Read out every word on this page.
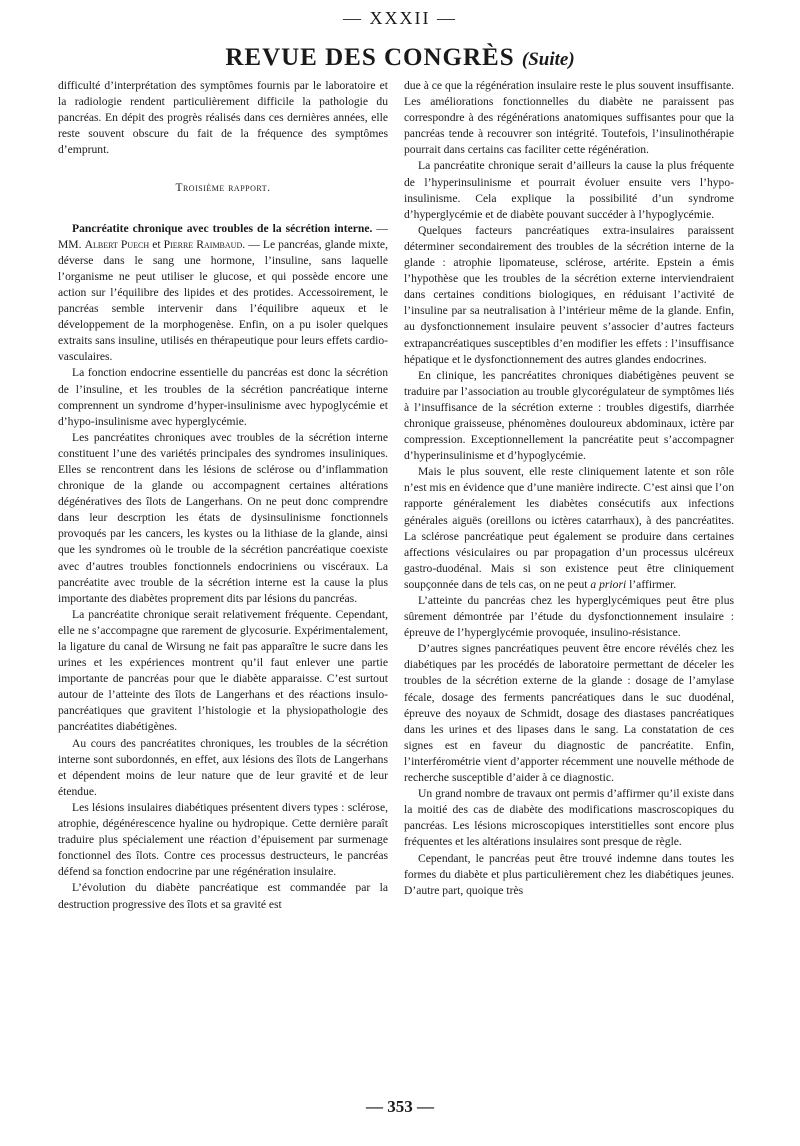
— XXXII —
REVUE DES CONGRÈS (Suite)

difficulté d’interprétation des symptômes fournis par le laboratoire et la radiologie rendent particulièrement difficile la pathologie du pancréas. En dépit des progrès réalisés dans ces dernières années, elle reste souvent obscure du fait de la fréquence des symptômes d’emprunt.

Troisième rapport.

Pancréatite chronique avec troubles de la sécrétion interne. — MM. Albert Puech et Pierre Raimbaud. — Le pancréas, glande mixte, déverse dans le sang une hormone, l’insuline, sans laquelle l’organisme ne peut utiliser le glucose, et qui possède encore une action sur l’équilibre des lipides et des protides. Accessoirement, le pancréas semble intervenir dans l’équilibre aqueux et le développement de la morphogenèse. Enfin, on a pu isoler quelques extraits sans insuline, utilisés en thérapeutique pour leurs effets cardio-vasculaires.

La fonction endocrine essentielle du pancréas est donc la sécrétion de l’insuline, et les troubles de la sécrétion pancréatique interne comprennent un syndrome d’hyper-insulinisme avec hypoglycémie et d’hypo-insulinisme avec hyperglycémie.

Les pancréatites chroniques avec troubles de la sécrétion interne constituent l’une des variétés principales des syndromes insuliniques. Elles se rencontrent dans les lésions de sclérose ou d’inflammation chronique de la glande ou accompagnent certaines altérations dégénératives des îlots de Langerhans. On ne peut donc comprendre dans leur descrption les états de dysinsulinisme fonctionnels provoqués par les cancers, les kystes ou la lithiase de la glande, ainsi que les syndromes où le trouble de la sécrétion pancréatique coexiste avec d’autres troubles fonctionnels endocriniens ou viscéraux. La pancréatite avec trouble de la sécrétion interne est la cause la plus importante des diabètes proprement dits par lésions du pancréas.

La pancréatite chronique serait relativement fréquente. Cependant, elle ne s’accompagne que rarement de glycosurie. Expérimentalement, la ligature du canal de Wirsung ne fait pas apparaître le sucre dans les urines et les expériences montrent qu’il faut enlever une partie importante de pancréas pour que le diabète apparaisse. C’est surtout autour de l’atteinte des îlots de Langerhans et des réactions insulo-pancréatiques que gravitent l’histologie et la physiopathologie des pancréatites diabétigènes.

Au cours des pancréatites chroniques, les troubles de la sécrétion interne sont subordonnés, en effet, aux lésions des îlots de Langerhans et dépendent moins de leur nature que de leur gravité et de leur étendue.

Les lésions insulaires diabétiques présentent divers types : sclérose, atrophie, dégénérescence hyaline ou hydropique. Cette dernière paraît traduire plus spécialement une réaction d’épuisement par surmenage fonctionnel des îlots. Contre ces processus destructeurs, le pancréas défend sa fonction endocrine par une régénération insulaire.

L’évolution du diabète pancréatique est commandée par la destruction progressive des îlots et sa gravité est

due à ce que la régénération insulaire reste le plus souvent insuffisante. Les améliorations fonctionnelles du diabète ne paraissent pas correspondre à des régénérations anatomiques suffisantes pour que la pancréas tende à recouvrer son intégrité. Toutefois, l’insulinothérapie pourrait dans certains cas faciliter cette régénération.

La pancréatite chronique serait d’ailleurs la cause la plus fréquente de l’hyperinsulinisme et pourrait évoluer ensuite vers l’hypo-insulinisme. Cela explique la possibilité d’un syndrome d’hyperglycémie et de diabète pouvant succéder à l’hypoglycémie.

Quelques facteurs pancréatiques extra-insulaires paraissent déterminer secondairement des troubles de la sécrétion interne de la glande : atrophie lipomateuse, sclérose, artérite. Epstein a émis l’hypothèse que les troubles de la sécrétion externe interviendraient dans certaines conditions biologiques, en réduisant l’activité de l’insuline par sa neutralisation à l’intérieur même de la glande. Enfin, au dysfonctionnement insulaire peuvent s’associer d’autres facteurs extrapancréatiques susceptibles d’en modifier les effets : l’insuffisance hépatique et le dysfonctionnement des autres glandes endocrines.

En clinique, les pancréatites chroniques diabétigènes peuvent se traduire par l’association au trouble glycorégulateur de symptômes liés à l’insuffisance de la sécrétion externe : troubles digestifs, diarrhée chronique graisseuse, phénomènes douloureux abdominaux, ictère par compression. Exceptionnellement la pancréatite peut s’accompagner d’hyperinsulinisme et d’hypoglycémie.

Mais le plus souvent, elle reste cliniquement latente et son rôle n’est mis en évidence que d’une manière indirecte. C’est ainsi que l’on rapporte généralement les diabètes consécutifs aux infections générales aiguës (oreillons ou ictères catarrhaux), à des pancréatites. La sclérose pancréatique peut également se produire dans certaines affections vésiculaires ou par propagation d’un processus ulcéreux gastro-duodénal. Mais si son existence peut être cliniquement soupçonnée dans de tels cas, on ne peut a priori l’affirmer.

L’atteinte du pancréas chez les hyperglycémiques peut être plus sûrement démontrée par l’étude du dysfonctionnement insulaire : épreuve de l’hyperglycémie provoquée, insulino-résistance.

D’autres signes pancréatiques peuvent être encore révélés chez les diabétiques par les procédés de laboratoire permettant de déceler les troubles de la sécrétion externe de la glande : dosage de l’amylase fécale, dosage des ferments pancréatiques dans le suc duodénal, épreuve des noyaux de Schmidt, dosage des diastases pancréatiques dans les urines et des lipases dans le sang. La constatation de ces signes est en faveur du diagnostic de pancréatite. Enfin, l’interférométrie vient d’apporter récemment une nouvelle méthode de recherche susceptible d’aider à ce diagnostic.

Un grand nombre de travaux ont permis d’affirmer qu’il existe dans la moitié des cas de diabète des modifications mascroscopiques du pancréas. Les lésions microscopiques interstitielles sont encore plus fréquentes et les altérations insulaires sont presque de règle.

Cependant, le pancréas peut être trouvé indemne dans toutes les formes du diabète et plus particulièrement chez les diabétiques jeunes. D’autre part, quoique très

— 353 —
